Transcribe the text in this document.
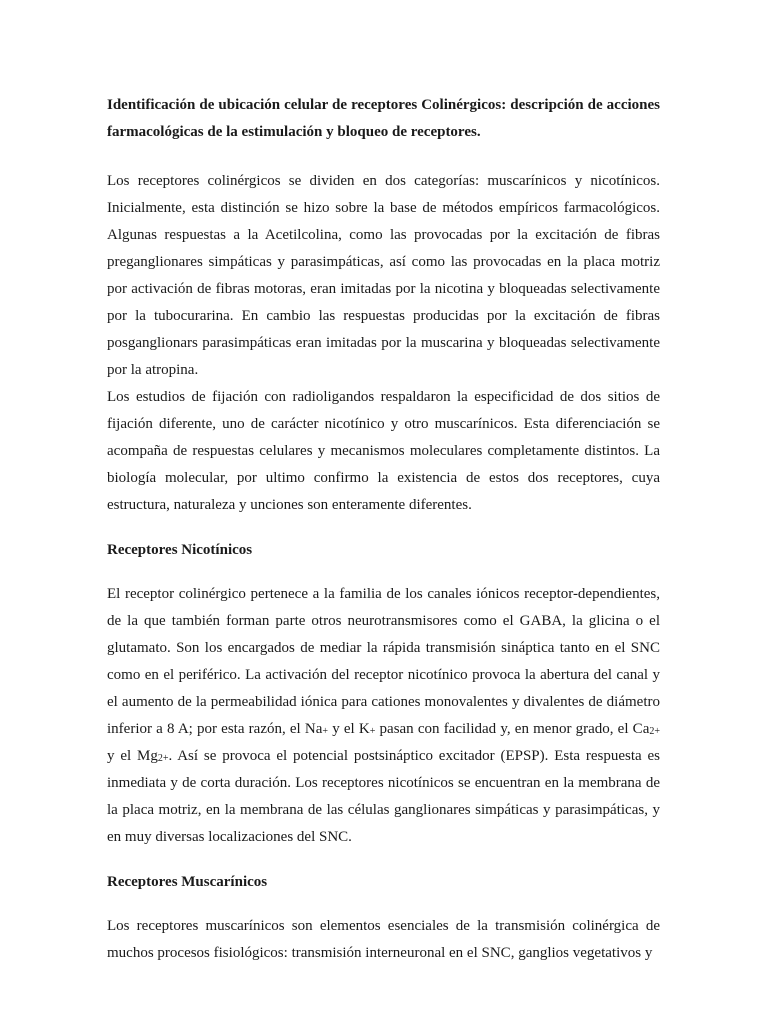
Identificación de ubicación celular de receptores Colinérgicos: descripción de acciones farmacológicas de la estimulación y bloqueo de receptores.

Los receptores colinérgicos se dividen en dos categorías: muscarínicos y nicotínicos. Inicialmente, esta distinción se hizo sobre la base de métodos empíricos farmacológicos. Algunas respuestas a la Acetilcolina, como las provocadas por la excitación de fibras preganglionares simpáticas y parasimpáticas, así como las provocadas en la placa motriz por activación de fibras motoras, eran imitadas por la nicotina y bloqueadas selectivamente por la tubocurarina. En cambio las respuestas producidas por la excitación de fibras posganglionars parasimpáticas eran imitadas por la muscarina y bloqueadas selectivamente por la atropina.

Los estudios de fijación con radioligandos respaldaron la especificidad de dos sitios de fijación diferente, uno de carácter nicotínico y otro muscarínicos. Esta diferenciación se acompaña de respuestas celulares y mecanismos moleculares completamente distintos. La biología molecular, por ultimo confirmo la existencia de estos dos receptores, cuya estructura, naturaleza y unciones son enteramente diferentes.

Receptores Nicotínicos

El receptor colinérgico pertenece a la familia de los canales iónicos receptor-dependientes, de la que también forman parte otros neurotransmisores como el GABA, la glicina o el glutamato. Son los encargados de mediar la rápida transmisión sináptica tanto en el SNC como en el periférico. La activación del receptor nicotínico provoca la abertura del canal y el aumento de la permeabilidad iónica para cationes monovalentes y divalentes de diámetro inferior a 8 A; por esta razón, el $Na_+$ y el $K_+$ pasan con facilidad y, en menor grado, el $Ca_{2+}$ y el $Mg_{2+}$. Así se provoca el potencial postsináptico excitador (EPSP). Esta respuesta es inmediata y de corta duración. Los receptores nicotínicos se encuentran en la membrana de la placa motriz, en la membrana de las células ganglionares simpáticas y parasimpáticas, y en muy diversas localizaciones del SNC.

Receptores Muscarínicos

Los receptores muscarínicos son elementos esenciales de la transmisión colinérgica de muchos procesos fisiológicos: transmisión interneuronal en el SNC, ganglios vegetativos y
